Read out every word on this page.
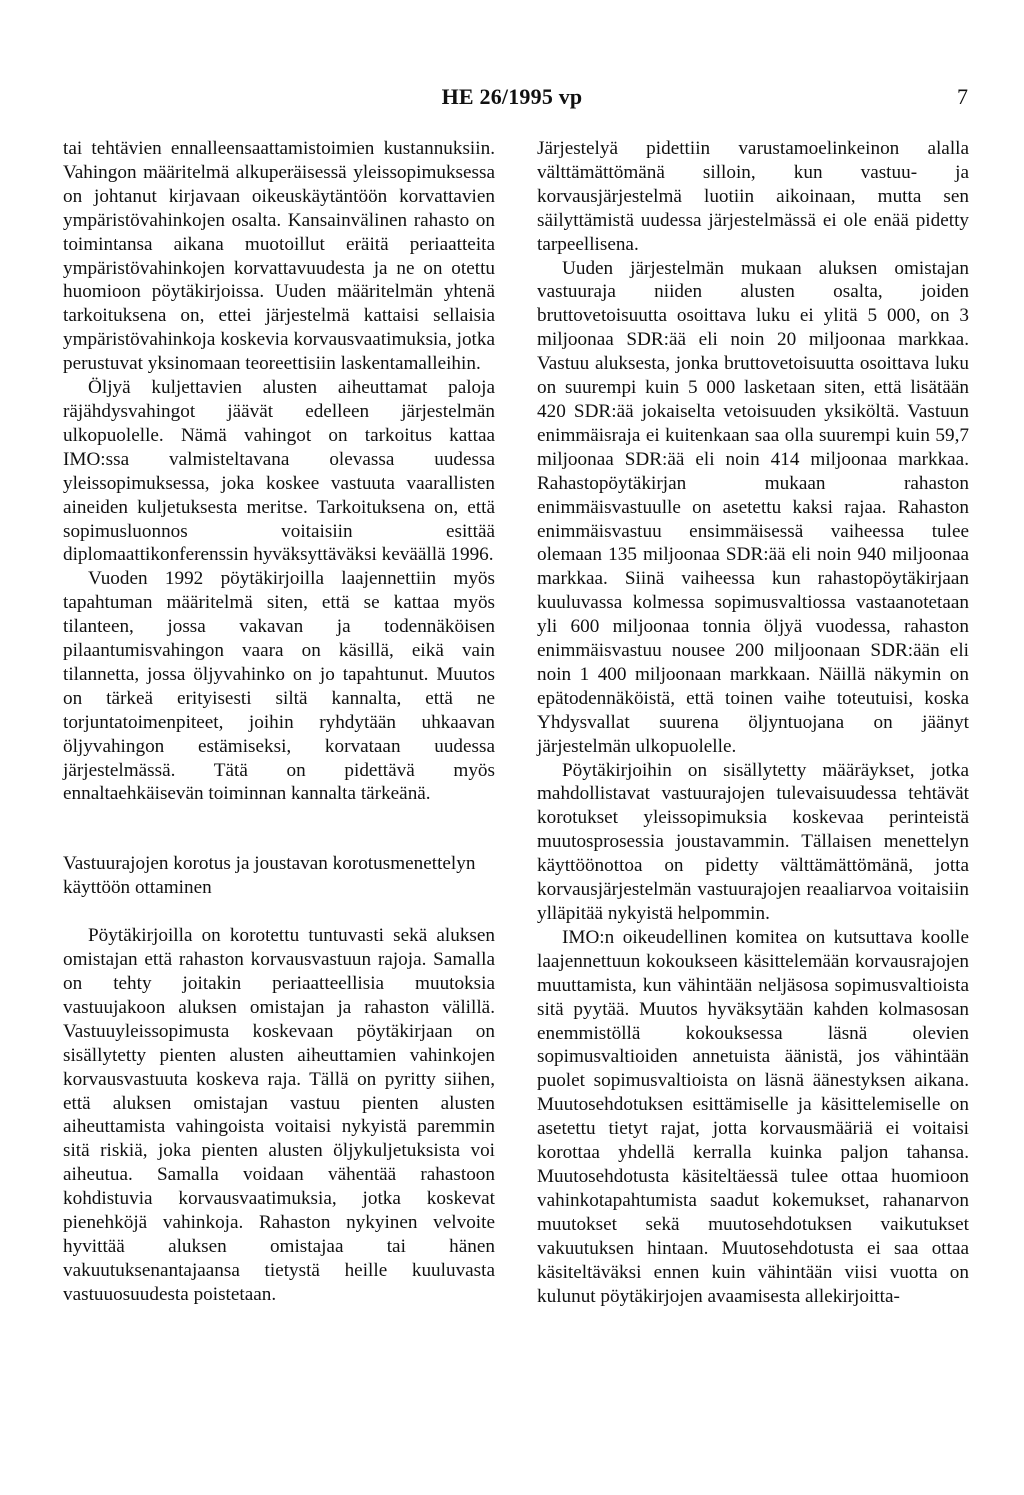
HE 26/1995 vp	7

tai tehtävien ennalleensaattamistoimien kustannuksiin. Vahingon määritelmä alkuperäisessä yleissopimuksessa on johtanut kirjavaan oikeuskäytäntöön korvattavien ympäristövahinkojen osalta. Kansainvälinen rahasto on toimintansa aikana muotoillut eräitä periaatteita ympäristövahinkojen korvattavuudesta ja ne on otettu huomioon pöytäkirjoissa. Uuden määritelmän yhtenä tarkoituksena on, ettei järjestelmä kattaisi sellaisia ympäristövahinkoja koskevia korvausvaatimuksia, jotka perustuvat yksinomaan teoreettisiin laskentamalleihin.

Öljyä kuljettavien alusten aiheuttamat paloja räjähdysvahingot jäävät edelleen järjestelmän ulkopuolelle. Nämä vahingot on tarkoitus kattaa IMO:ssa valmisteltavana olevassa uudessa yleissopimuksessa, joka koskee vastuuta vaarallisten aineiden kuljetuksesta meritse. Tarkoituksena on, että sopimusluonnos voitaisiin esittää diplomaattikonferenssin hyväksyttäväksi keväällä 1996.

Vuoden 1992 pöytäkirjoilla laajennettiin myös tapahtuman määritelmä siten, että se kattaa myös tilanteen, jossa vakavan ja todennäköisen pilaantumisvahingon vaara on käsillä, eikä vain tilannetta, jossa öljyvahinko on jo tapahtunut. Muutos on tärkeä erityisesti siltä kannalta, että ne torjuntatoimenpiteet, joihin ryhdytään uhkaavan öljyvahingon estämiseksi, korvataan uudessa järjestelmässä. Tätä on pidettävä myös ennaltaehkäisevän toiminnan kannalta tärkeänä.

Vastuurajojen korotus ja joustavan korotusmenettelyn käyttöön ottaminen

Pöytäkirjoilla on korotettu tuntuvasti sekä aluksen omistajan että rahaston korvausvastuun rajoja. Samalla on tehty joitakin periaatteellisia muutoksia vastuujakoon aluksen omistajan ja rahaston välillä. Vastuuyleissopimusta koskevaan pöytäkirjaan on sisällytetty pienten alusten aiheuttamien vahinkojen korvausvastuuta koskeva raja. Tällä on pyritty siihen, että aluksen omistajan vastuu pienten alusten aiheuttamista vahingoista voitaisi nykyistä paremmin sitä riskiä, joka pienten alusten öljykuljetuksista voi aiheutua. Samalla voidaan vähentää rahastoon kohdistuvia korvausvaatimuksia, jotka koskevat pienehköjä vahinkoja. Rahaston nykyinen velvoite hyvittää aluksen omistajaa tai hänen vakuutuksenantajaansa tietystä heille kuuluvasta vastuuosuudesta poistetaan.

Järjestelyä pidettiin varustamoelinkeinon alalla välttämättömänä silloin, kun vastuu- ja korvausjärjestelmä luotiin aikoinaan, mutta sen säilyttämistä uudessa järjestelmässä ei ole enää pidetty tarpeellisena.

Uuden järjestelmän mukaan aluksen omistajan vastuuraja niiden alusten osalta, joiden bruttovetoisuutta osoittava luku ei ylitä 5 000, on 3 miljoonaa SDR:ää eli noin 20 miljoonaa markkaa. Vastuu aluksesta, jonka bruttovetoisuutta osoittava luku on suurempi kuin 5 000 lasketaan siten, että lisätään 420 SDR:ää jokaiselta vetoisuuden yksiköltä. Vastuun enimmäisraja ei kuitenkaan saa olla suurempi kuin 59,7 miljoonaa SDR:ää eli noin 414 miljoonaa markkaa. Rahastopöytäkirjan mukaan rahaston enimmäisvastuulle on asetettu kaksi rajaa. Rahaston enimmäisvastuu ensimmäisessä vaiheessa tulee olemaan 135 miljoonaa SDR:ää eli noin 940 miljoonaa markkaa. Siinä vaiheessa kun rahastopöytäkirjaan kuuluvassa kolmessa sopimusvaltiossa vastaanotetaan yli 600 miljoonaa tonnia öljyä vuodessa, rahaston enimmäisvastuu nousee 200 miljoonaan SDR:ään eli noin 1 400 miljoonaan markkaan. Näillä näkymin on epätodennäköistä, että toinen vaihe toteutuisi, koska Yhdysvallat suurena öljyntuojana on jäänyt järjestelmän ulkopuolelle.

Pöytäkirjoihin on sisällytetty määräykset, jotka mahdollistavat vastuurajojen tulevaisuudessa tehtävät korotukset yleissopimuksia koskevaa perinteistä muutosprosessia joustavammin. Tällaisen menettelyn käyttöönottoa on pidetty välttämättömänä, jotta korvausjärjestelmän vastuurajojen reaaliarvoa voitaisiin ylläpitää nykyistä helpommin.

IMO:n oikeudellinen komitea on kutsuttava koolle laajennettuun kokoukseen käsittelemään korvausrajojen muuttamista, kun vähintään neljäsosa sopimusvaltioista sitä pyytää. Muutos hyväksytään kahden kolmasosan enemmistöllä kokouksessa läsnä olevien sopimusvaltioiden annetuista äänistä, jos vähintään puolet sopimusvaltioista on läsnä äänestyksen aikana. Muutosehdotuksen esittämiselle ja käsittelemiselle on asetettu tietyt rajat, jotta korvausmääriä ei voitaisi korottaa yhdellä kerralla kuinka paljon tahansa. Muutosehdotusta käsiteltäessä tulee ottaa huomioon vahinkotapahtumista saadut kokemukset, rahanarvon muutokset sekä muutosehdotuksen vaikutukset vakuutuksen hintaan. Muutosehdotusta ei saa ottaa käsiteltäväksi ennen kuin vähintään viisi vuotta on kulunut pöytäkirjojen avaamisesta allekirjoitta-
